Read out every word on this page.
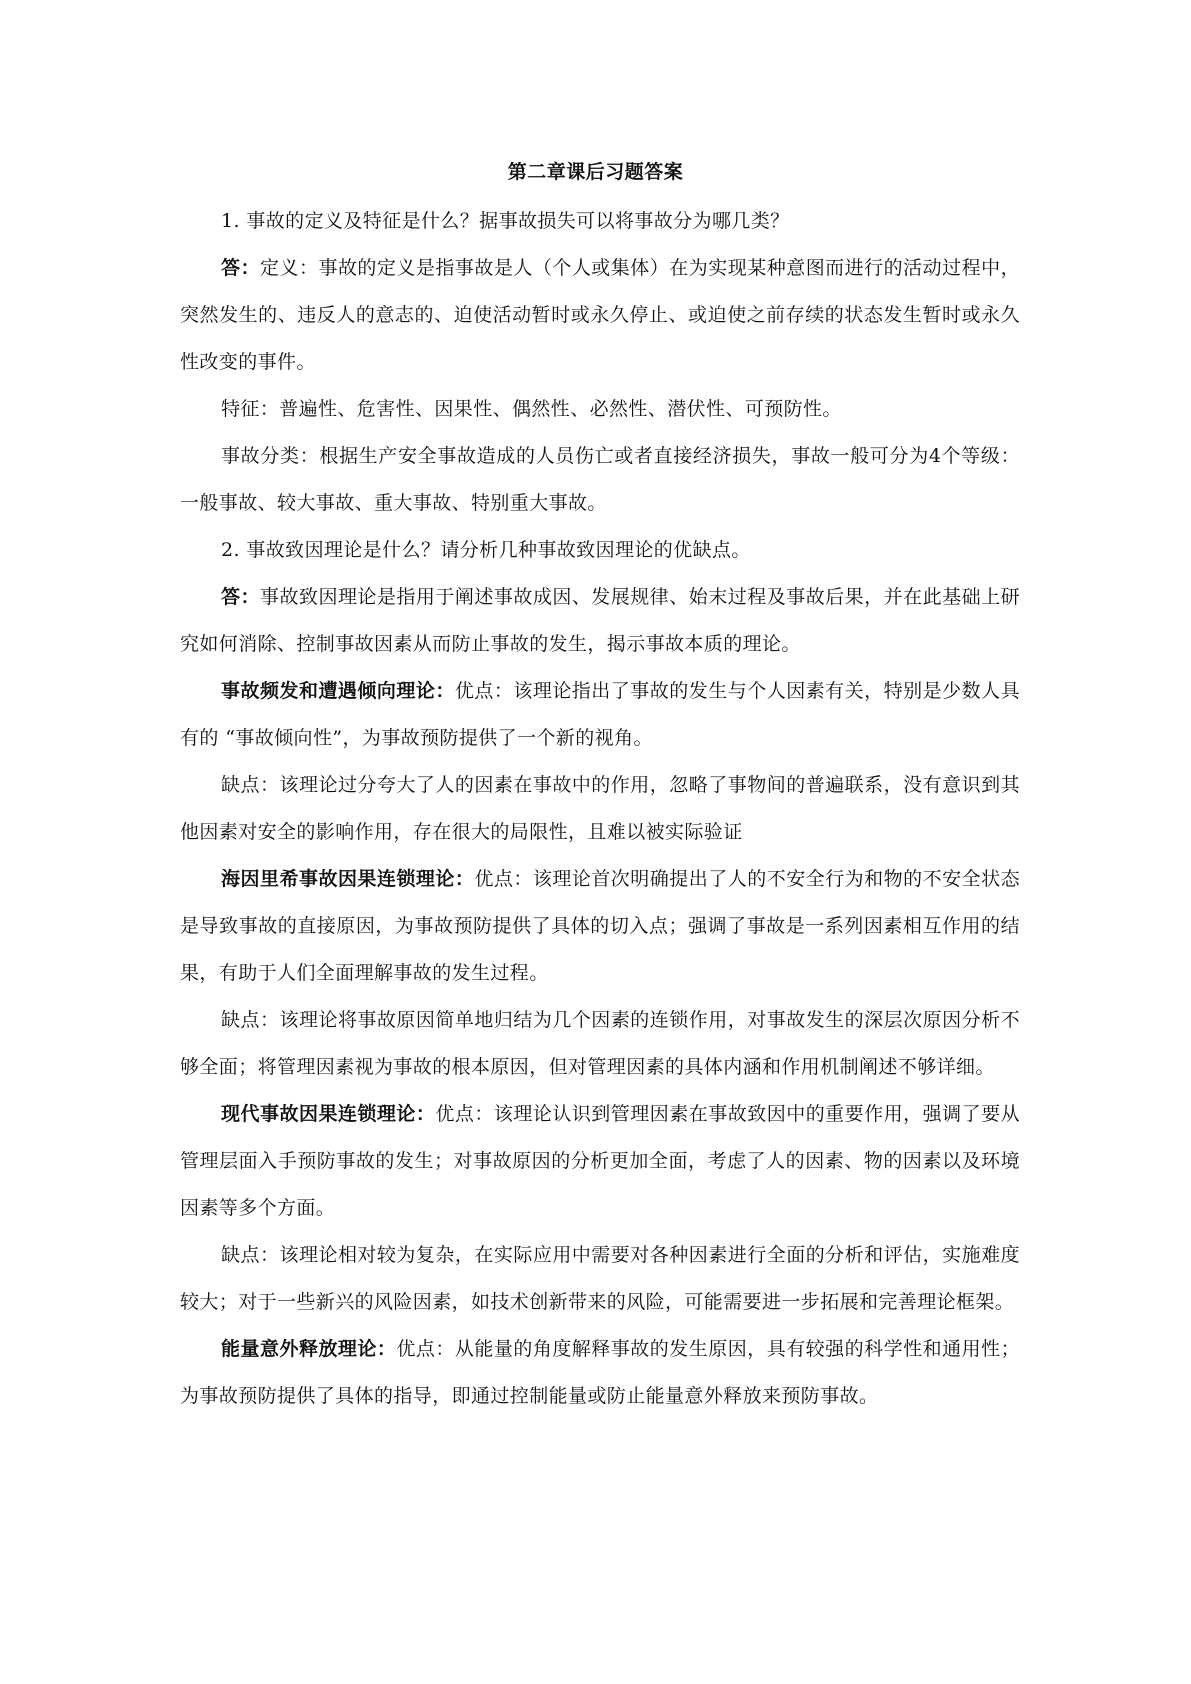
第二章课后习题答案

1. 事故的定义及特征是什么？据事故损失可以将事故分为哪几类？

答：定义：事故的定义是指事故是人（个人或集体）在为实现某种意图而进行的活动过程中，突然发生的、违反人的意志的、迫使活动暂时或永久停止、或迫使之前存续的状态发生暂时或永久性改变的事件。

特征：普遍性、危害性、因果性、偶然性、必然性、潜伏性、可预防性。

事故分类：根据生产安全事故造成的人员伤亡或者直接经济损失，事故一般可分为4个等级：一般事故、较大事故、重大事故、特别重大事故。

2. 事故致因理论是什么？请分析几种事故致因理论的优缺点。

答：事故致因理论是指用于阐述事故成因、发展规律、始末过程及事故后果，并在此基础上研究如何消除、控制事故因素从而防止事故的发生，揭示事故本质的理论。

事故频发和遭遇倾向理论：优点：该理论指出了事故的发生与个人因素有关，特别是少数人具有的 “事故倾向性”，为事故预防提供了一个新的视角。

缺点：该理论过分夸大了人的因素在事故中的作用，忽略了事物间的普遍联系，没有意识到其他因素对安全的影响作用，存在很大的局限性，且难以被实际验证

海因里希事故因果连锁理论：优点：该理论首次明确提出了人的不安全行为和物的不安全状态是导致事故的直接原因，为事故预防提供了具体的切入点；强调了事故是一系列因素相互作用的结果，有助于人们全面理解事故的发生过程。

缺点：该理论将事故原因简单地归结为几个因素的连锁作用，对事故发生的深层次原因分析不够全面；将管理因素视为事故的根本原因，但对管理因素的具体内涵和作用机制阐述不够详细。

现代事故因果连锁理论：优点：该理论认识到管理因素在事故致因中的重要作用，强调了要从管理层面入手预防事故的发生；对事故原因的分析更加全面，考虑了人的因素、物的因素以及环境因素等多个方面。

缺点：该理论相对较为复杂，在实际应用中需要对各种因素进行全面的分析和评估，实施难度较大；对于一些新兴的风险因素，如技术创新带来的风险，可能需要进一步拓展和完善理论框架。

能量意外释放理论：优点：从能量的角度解释事故的发生原因，具有较强的科学性和通用性；为事故预防提供了具体的指导，即通过控制能量或防止能量意外释放来预防事故。
